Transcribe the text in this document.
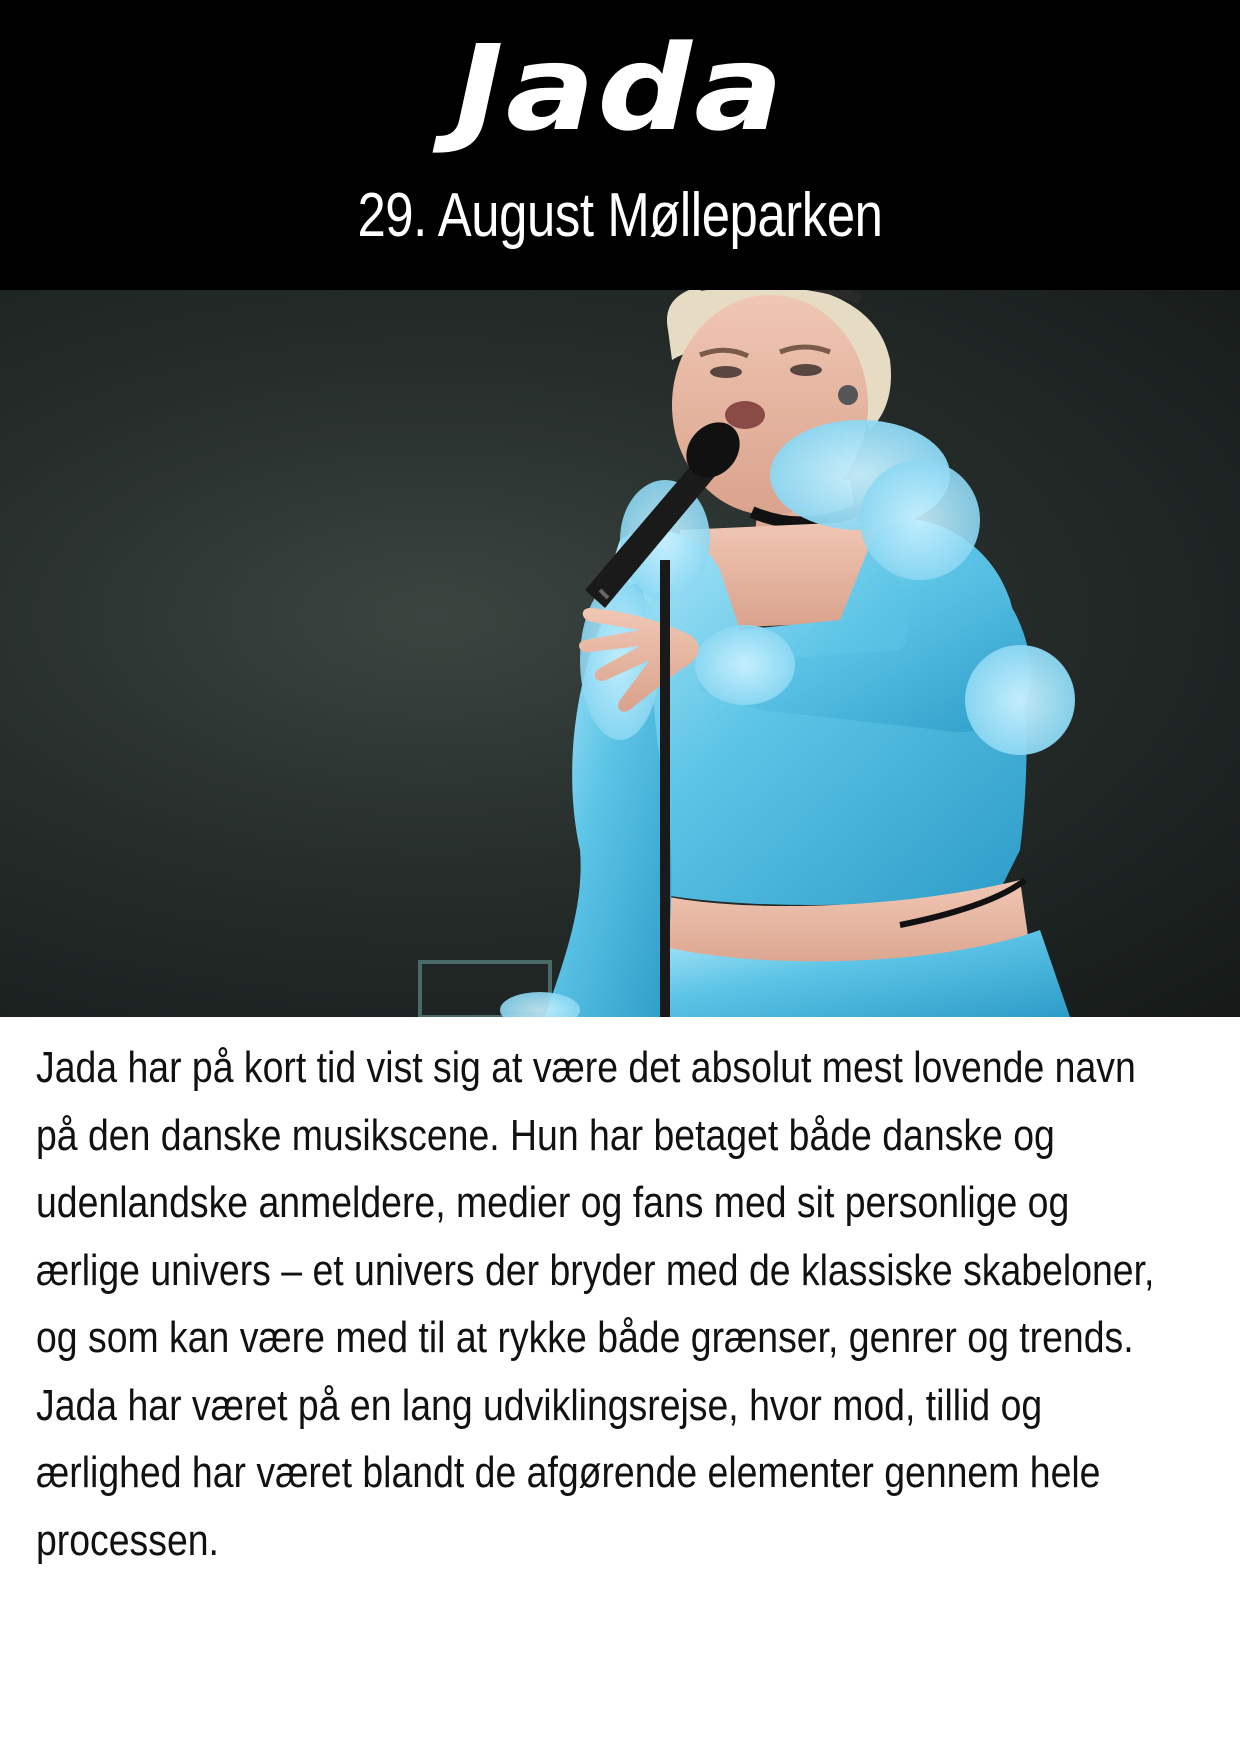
Jada
29. August Mølleparken
Jada har på kort tid vist sig at være det absolut mest lovende navn
på den danske musikscene. Hun har betaget både danske og
udenlandske anmeldere, medier og fans med sit personlige og
ærlige univers – et univers der bryder med de klassiske skabeloner,
og som kan være med til at rykke både grænser, genrer og trends.
Jada har været på en lang udviklingsrejse, hvor mod, tillid og
ærlighed har været blandt de afgørende elementer gennem hele
processen.
